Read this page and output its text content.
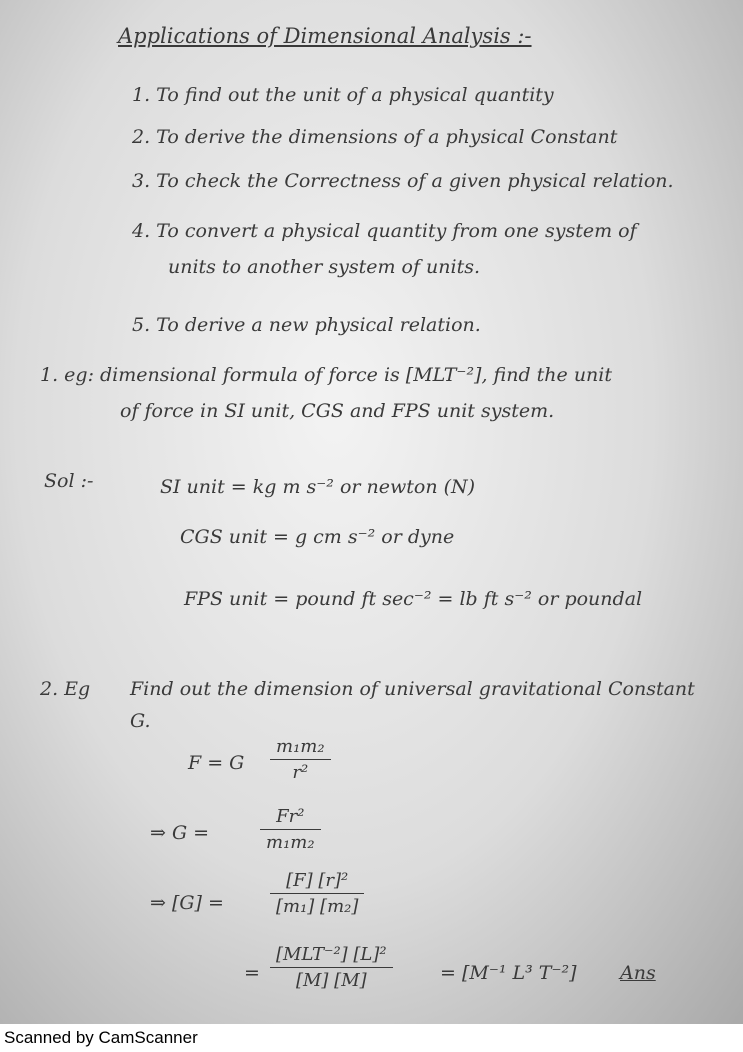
Applications of Dimensional Analysis :-
1. To find out the unit of a physical quantity
2. To derive the dimensions of a physical Constant
3. To check the Correctness of a given physical relation.
4. To convert a physical quantity from one system of
units to another system of units.
5. To derive a new physical relation.
1. eg: dimensional formula of force is [MLT⁻²], find the unit
of force in SI unit, CGS and FPS unit system.
Sol :-	SI unit = kg m s⁻² or newton (N)
CGS unit = g cm s⁻² or dyne
FPS unit = pound ft sec⁻² = lb ft s⁻² or poundal
2. Eg Find out the dimension of universal gravitational Constant
G.
F = G
m₁m₂
r²
⇒ G =
Fr²
m₁m₂
⇒ [G] =
[F] [r]²
[m₁] [m₂]
=
[MLT⁻²] [L]²
[M] [M]	= [M⁻¹ L³ T⁻²] Ans
Scanned by CamScanner
